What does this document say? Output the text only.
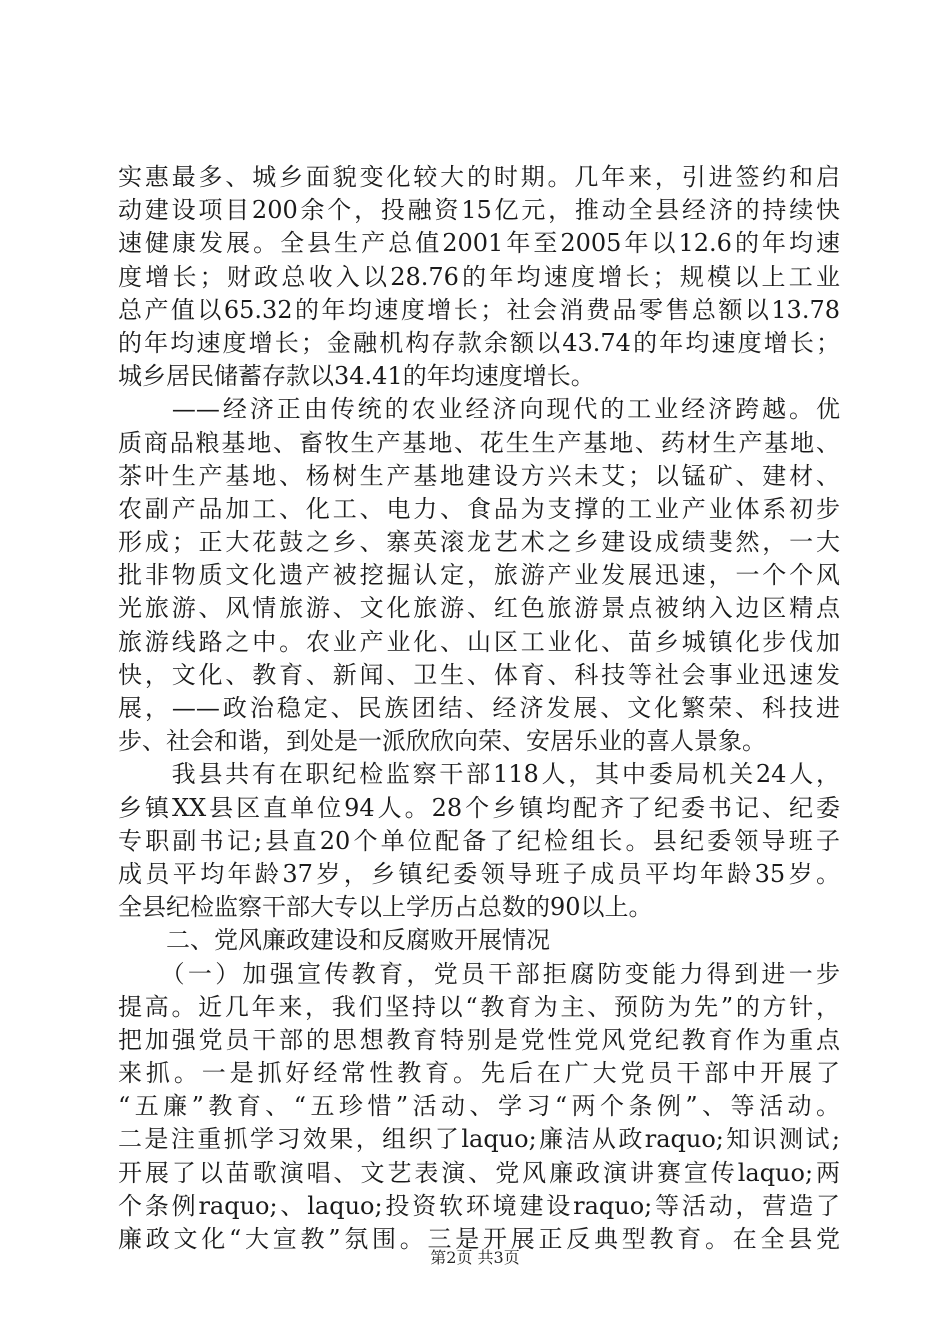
实惠最多、城乡面貌变化较大的时期。几年来，引进签约和启
动建设项目200余个，投融资15亿元，推动全县经济的持续快
速健康发展。全县生产总值2001年至2005年以12.6的年均速
度增长；财政总收入以28.76的年均速度增长；规模以上工业
总产值以65.32的年均速度增长；社会消费品零售总额以13.78
的年均速度增长；金融机构存款余额以43.74的年均速度增长；
城乡居民储蓄存款以34.41的年均速度增长。
　　——经济正由传统的农业经济向现代的工业经济跨越。优
质商品粮基地、畜牧生产基地、花生生产基地、药材生产基地、
茶叶生产基地、杨树生产基地建设方兴未艾；以锰矿、建材、
农副产品加工、化工、电力、食品为支撑的工业产业体系初步
形成；正大花鼓之乡、寨英滚龙艺术之乡建设成绩斐然，一大
批非物质文化遗产被挖掘认定，旅游产业发展迅速，一个个风
光旅游、风情旅游、文化旅游、红色旅游景点被纳入边区精点
旅游线路之中。农业产业化、山区工业化、苗乡城镇化步伐加
快，文化、教育、新闻、卫生、体育、科技等社会事业迅速发
展，——政治稳定、民族团结、经济发展、文化繁荣、科技进
步、社会和谐，到处是一派欣欣向荣、安居乐业的喜人景象。
　　我县共有在职纪检监察干部118人，其中委局机关24人，
乡镇XX县区直单位94人。28个乡镇均配齐了纪委书记、纪委
专职副书记;县直20个单位配备了纪检组长。县纪委领导班子
成员平均年龄37岁，乡镇纪委领导班子成员平均年龄35岁。
全县纪检监察干部大专以上学历占总数的90以上。
　　二、党风廉政建设和反腐败开展情况
　　（一）加强宣传教育，党员干部拒腐防变能力得到进一步
提高。近几年来，我们坚持以“教育为主、预防为先”的方针，
把加强党员干部的思想教育特别是党性党风党纪教育作为重点
来抓。一是抓好经常性教育。先后在广大党员干部中开展了
“五廉”教育、“五珍惜”活动、学习“两个条例”、等活动。
二是注重抓学习效果，组织了laquo;廉洁从政raquo;知识测试;
开展了以苗歌演唱、文艺表演、党风廉政演讲赛宣传laquo;两
个条例raquo;、laquo;投资软环境建设raquo;等活动，营造了
廉政文化“大宣教”氛围。三是开展正反典型教育。在全县党
第2页 共3页
